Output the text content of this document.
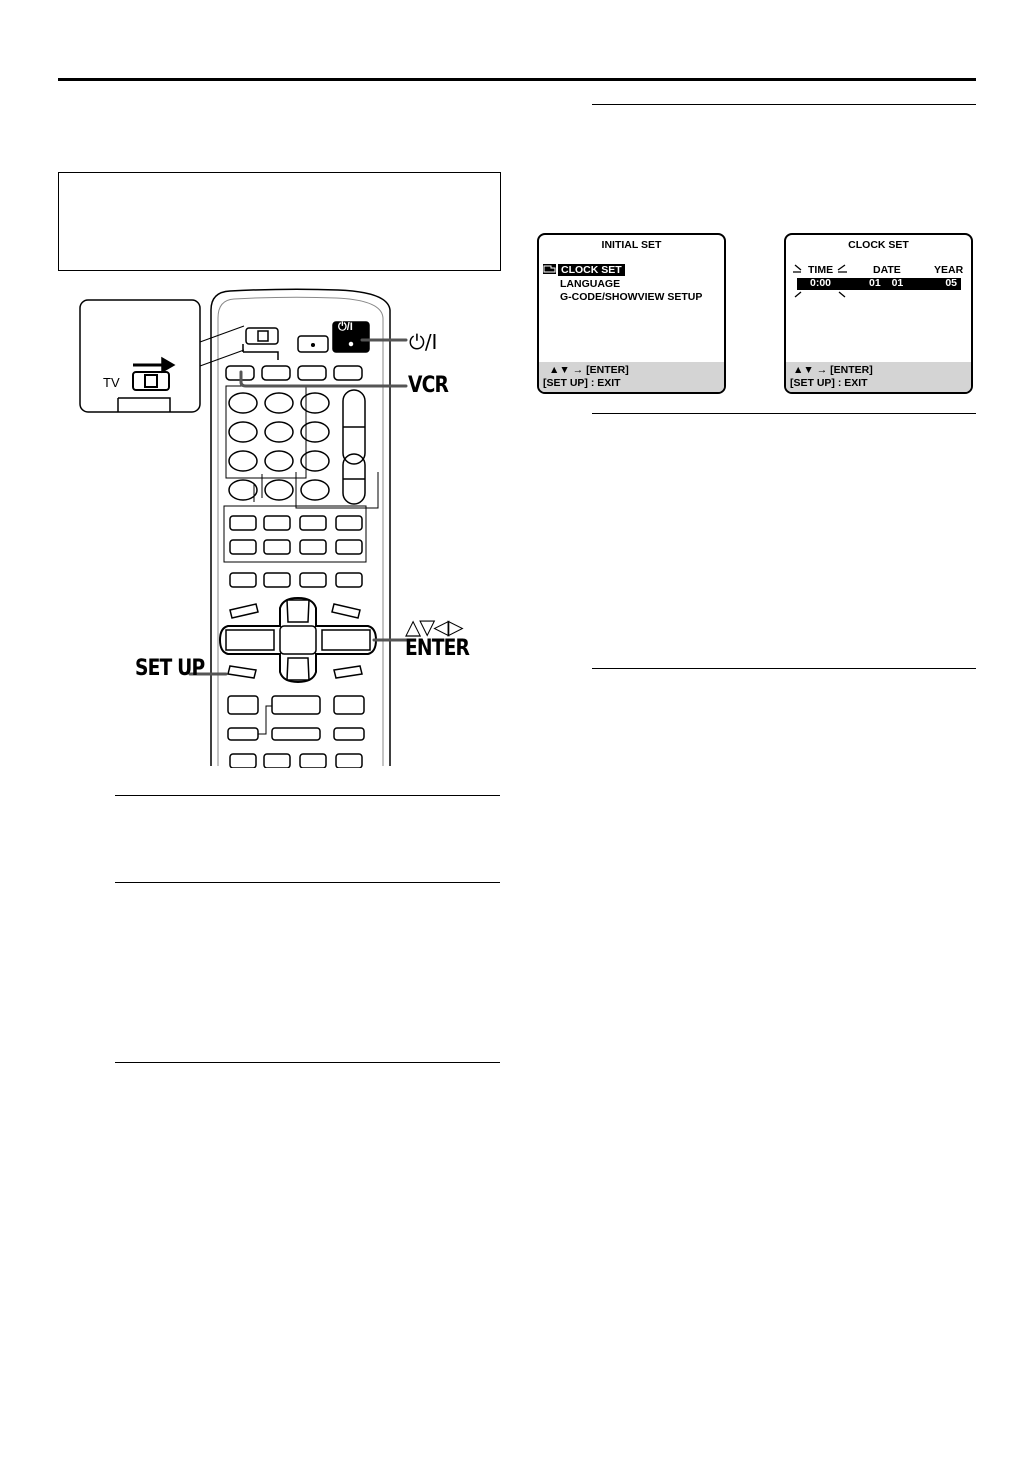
INITIAL SET
CLOCK SET
LANGUAGE
G-CODE/SHOWVIEW SETUP
▲▼ → [ENTER]
[SET UP] : EXIT
CLOCK SET
TIME	DATE	YEAR
0:00	01 01	05
▲▼ → [ENTER]
[SET UP] : EXIT
TV
⏻/I
⏻/I
VCR
△▽◁▷
ENTER
SET UP
